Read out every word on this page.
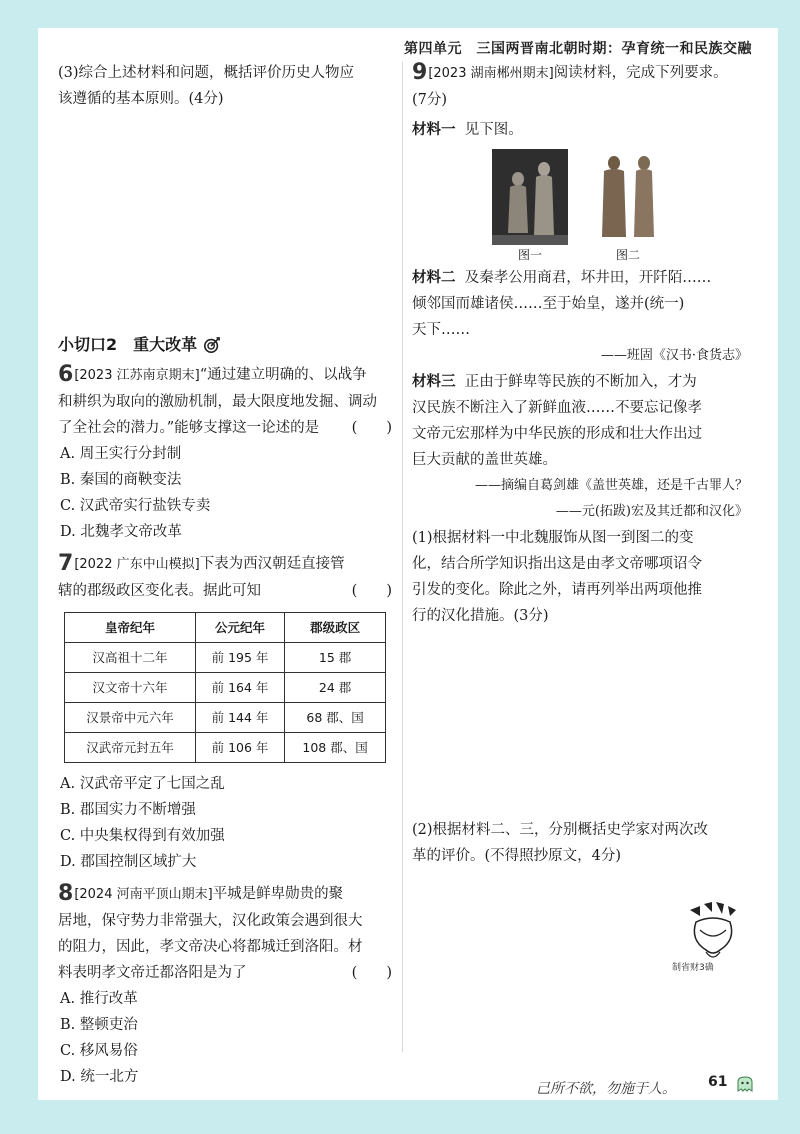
第四单元　三国两晋南北朝时期：孕育统一和民族交融

(3)综合上述材料和问题，概括评价历史人物应

该遵循的基本原则。(4分)

小切口2　重大改革

6[2023 江苏南京期末]“通过建立明确的、以战争

和耕织为取向的激励机制，最大限度地发掘、调动

了全社会的潜力。”能够支撑这一论述的是 (　　)

A. 周王实行分封制

B. 秦国的商鞅变法

C. 汉武帝实行盐铁专卖

D. 北魏孝文帝改革

7[2022 广东中山模拟]下表为西汉朝廷直接管

辖的郡级政区变化表。据此可知	(　　)

皇帝纪年	公元纪年	郡级政区
汉高祖十二年	前 195 年	15 郡
汉文帝十六年	前 164 年	24 郡
汉景帝中元六年	前 144 年	68 郡、国
汉武帝元封五年	前 106 年	108 郡、国

A. 汉武帝平定了七国之乱

B. 郡国实力不断增强

C. 中央集权得到有效加强

D. 郡国控制区域扩大

8[2024 河南平顶山期末]平城是鲜卑勋贵的聚

居地，保守势力非常强大，汉化政策会遇到很大

的阻力，因此，孝文帝决心将都城迁到洛阳。材

料表明孝文帝迁都洛阳是为了	(　　)

A. 推行改革

B. 整顿吏治

C. 移风易俗

D. 统一北方

9[2023 湖南郴州期末]阅读材料，完成下列要求。

(7分)

材料一 见下图。

图一	图二

材料二 及秦孝公用商君，坏井田，开阡陌……

倾邻国而雄诸侯……至于始皇，遂并(统一)

天下……

——班固《汉书·食货志》

材料三 正由于鲜卑等民族的不断加入，才为

汉民族不断注入了新鲜血液……不要忘记像孝

文帝元宏那样为中华民族的形成和壮大作出过

巨大贡献的盖世英雄。

——摘编自葛剑雄《盖世英雄，还是千古罪人？

——元(拓跋)宏及其迁都和汉化》

(1)根据材料一中北魏服饰从图一到图二的变

化，结合所学知识指出这是由孝文帝哪项诏令

引发的变化。除此之外，请再列举出两项他推

行的汉化措施。(3分)

(2)根据材料二、三，分别概括史学家对两次改

革的评价。(不得照抄原文，4分)

制省财3确
己所不欲，勿施于人。 61
